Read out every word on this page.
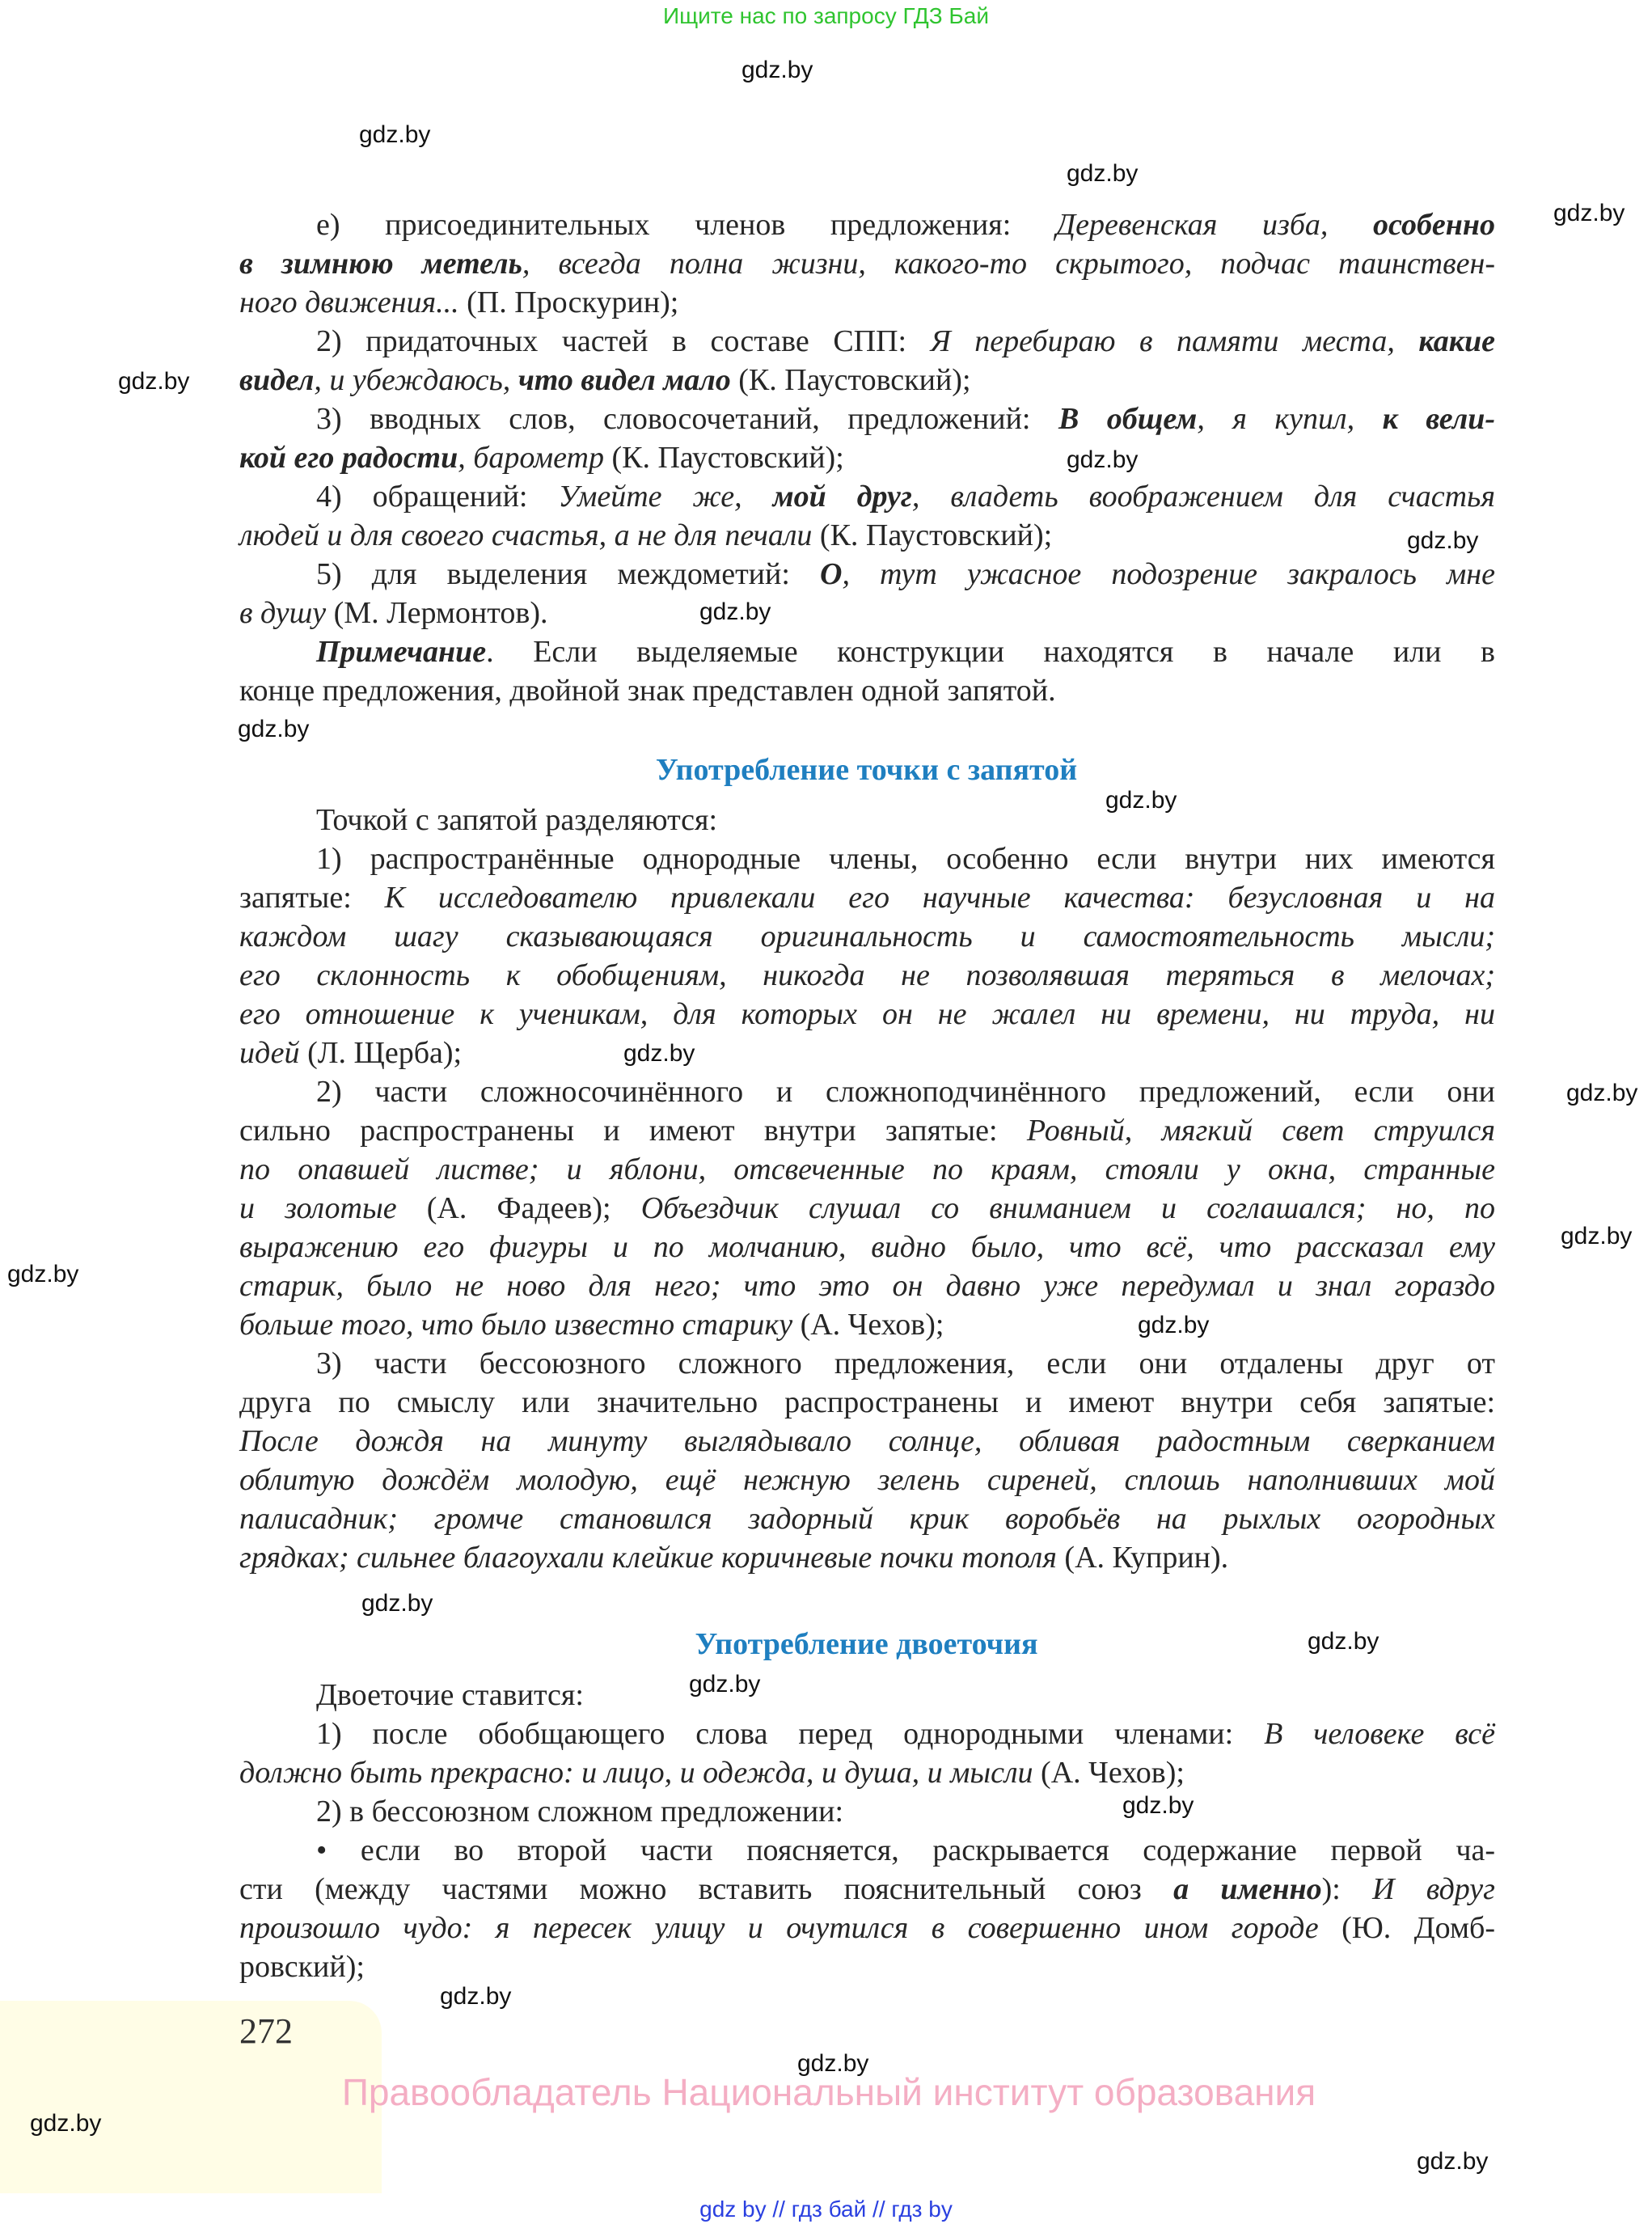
Ищите нас по запросу ГДЗ Бай
272
е) присоединительных членов предложения: Деревенская изба, особенно
в зимнюю метель, всегда полна жизни, какого-то скрытого, подчас таинствен-
ного движения... (П. Проскурин);
2) придаточных частей в составе СПП: Я перебираю в памяти места, какие
видел, и убеждаюсь, что видел мало (К. Паустовский);
3) вводных слов, словосочетаний, предложений: В общем, я купил, к вели-
кой его радости, барометр (К. Паустовский);
4) обращений: Умейте же, мой друг, владеть воображением для счастья
людей и для своего счастья, а не для печали (К. Паустовский);
5) для выделения междометий: О, тут ужасное подозрение закралось мне
в душу (М. Лермонтов).
Примечание. Если выделяемые конструкции находятся в начале или в
конце предложения, двойной знак представлен одной запятой.
Употребление точки с запятой
Точкой с запятой разделяются:
1) распространённые однородные члены, особенно если внутри них имеются
запятые: К исследователю привлекали его научные качества: безусловная и на
каждом шагу сказывающаяся оригинальность и самостоятельность мысли;
его склонность к обобщениям, никогда не позволявшая теряться в мелочах;
его отношение к ученикам, для которых он не жалел ни времени, ни труда, ни
идей (Л. Щерба);
2) части сложносочинённого и сложноподчинённого предложений, если они
сильно распространены и имеют внутри запятые: Ровный, мягкий свет струился
по опавшей листве; и яблони, отсвеченные по краям, стояли у окна, странные
и золотые (А. Фадеев); Объездчик слушал со вниманием и соглашался; но, по
выражению его фигуры и по молчанию, видно было, что всё, что рассказал ему
старик, было не ново для него; что это он давно уже передумал и знал гораздо
больше того, что было известно старику (А. Чехов);
3) части бессоюзного сложного предложения, если они отдалены друг от
друга по смыслу или значительно распространены и имеют внутри себя запятые:
После дождя на минуту выглядывало солнце, обливая радостным сверканием
облитую дождём молодую, ещё нежную зелень сиреней, сплошь наполнивших мой
палисадник; громче становился задорный крик воробьёв на рыхлых огородных
грядках; сильнее благоухали клейкие коричневые почки тополя (А. Куприн).
Употребление двоеточия
Двоеточие ставится:
1) после обобщающего слова перед однородными членами: В человеке всё
должно быть прекрасно: и лицо, и одежда, и душа, и мысли (А. Чехов);
2) в бессоюзном сложном предложении:
• если во второй части поясняется, раскрывается содержание первой ча-
сти (между частями можно вставить пояснительный союз а именно): И вдруг
произошло чудо: я пересек улицу и очутился в совершенно ином городе (Ю. Домб-
ровский);
gdz.by
gdz.by
gdz.by
gdz.by
gdz.by
gdz.by
gdz.by
gdz.by
gdz.by
gdz.by
gdz.by
gdz.by
gdz.by
gdz.by
gdz.by
gdz.by
gdz.by
gdz.by
gdz.by
gdz.by
gdz.by
gdz.by
gdz.by
Правообладатель Национальный институт образования
gdz by // гдз бай // гдз by
